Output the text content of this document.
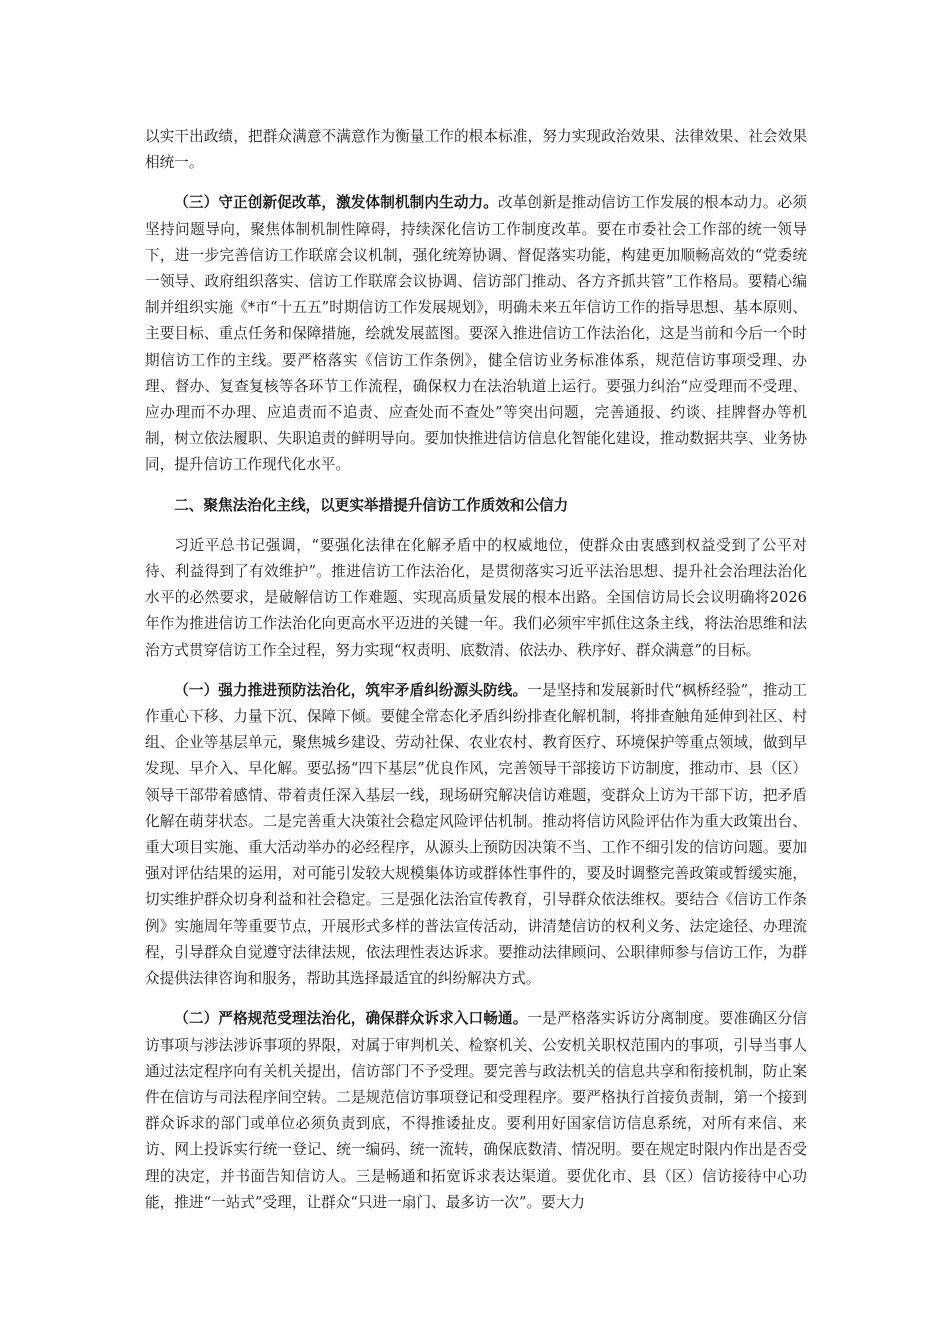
以实干出政绩，把群众满意不满意作为衡量工作的根本标准，努力实现政治效果、法律效果、社会效果相统一。

（三）守正创新促改革，激发体制机制内生动力。改革创新是推动信访工作发展的根本动力。必须坚持问题导向，聚焦体制机制性障碍，持续深化信访工作制度改革。要在市委社会工作部的统一领导下，进一步完善信访工作联席会议机制，强化统筹协调、督促落实功能，构建更加顺畅高效的“党委统一领导、政府组织落实、信访工作联席会议协调、信访部门推动、各方齐抓共管”工作格局。要精心编制并组织实施《*市“十五五”时期信访工作发展规划》，明确未来五年信访工作的指导思想、基本原则、主要目标、重点任务和保障措施，绘就发展蓝图。要深入推进信访工作法治化，这是当前和今后一个时期信访工作的主线。要严格落实《信访工作条例》，健全信访业务标准体系，规范信访事项受理、办理、督办、复查复核等各环节工作流程，确保权力在法治轨道上运行。要强力纠治“应受理而不受理、应办理而不办理、应追责而不追责、应查处而不查处”等突出问题，完善通报、约谈、挂牌督办等机制，树立依法履职、失职追责的鲜明导向。要加快推进信访信息化智能化建设，推动数据共享、业务协同，提升信访工作现代化水平。

二、聚焦法治化主线，以更实举措提升信访工作质效和公信力

习近平总书记强调，“要强化法律在化解矛盾中的权威地位，使群众由衷感到权益受到了公平对待、利益得到了有效维护”。推进信访工作法治化，是贯彻落实习近平法治思想、提升社会治理法治化水平的必然要求，是破解信访工作难题、实现高质量发展的根本出路。全国信访局长会议明确将2026年作为推进信访工作法治化向更高水平迈进的关键一年。我们必须牢牢抓住这条主线，将法治思维和法治方式贯穿信访工作全过程，努力实现“权责明、底数清、依法办、秩序好、群众满意”的目标。

（一）强力推进预防法治化，筑牢矛盾纠纷源头防线。一是坚持和发展新时代“枫桥经验”，推动工作重心下移、力量下沉、保障下倾。要健全常态化矛盾纠纷排查化解机制，将排查触角延伸到社区、村组、企业等基层单元，聚焦城乡建设、劳动社保、农业农村、教育医疗、环境保护等重点领域，做到早发现、早介入、早化解。要弘扬“四下基层”优良作风，完善领导干部接访下访制度，推动市、县（区）领导干部带着感情、带着责任深入基层一线，现场研究解决信访难题，变群众上访为干部下访，把矛盾化解在萌芽状态。二是完善重大决策社会稳定风险评估机制。推动将信访风险评估作为重大政策出台、重大项目实施、重大活动举办的必经程序，从源头上预防因决策不当、工作不细引发的信访问题。要加强对评估结果的运用，对可能引发较大规模集体访或群体性事件的，要及时调整完善政策或暂缓实施，切实维护群众切身利益和社会稳定。三是强化法治宣传教育，引导群众依法维权。要结合《信访工作条例》实施周年等重要节点，开展形式多样的普法宣传活动，讲清楚信访的权利义务、法定途径、办理流程，引导群众自觉遵守法律法规，依法理性表达诉求。要推动法律顾问、公职律师参与信访工作，为群众提供法律咨询和服务，帮助其选择最适宜的纠纷解决方式。

（二）严格规范受理法治化，确保群众诉求入口畅通。一是严格落实诉访分离制度。要准确区分信访事项与涉法涉诉事项的界限，对属于审判机关、检察机关、公安机关职权范围内的事项，引导当事人通过法定程序向有关机关提出，信访部门不予受理。要完善与政法机关的信息共享和衔接机制，防止案件在信访与司法程序间空转。二是规范信访事项登记和受理程序。要严格执行首接负责制，第一个接到群众诉求的部门或单位必须负责到底，不得推诿扯皮。要利用好国家信访信息系统，对所有来信、来访、网上投诉实行统一登记、统一编码、统一流转，确保底数清、情况明。要在规定时限内作出是否受理的决定，并书面告知信访人。三是畅通和拓宽诉求表达渠道。要优化市、县（区）信访接待中心功能，推进“一站式”受理，让群众“只进一扇门、最多访一次”。要大力
